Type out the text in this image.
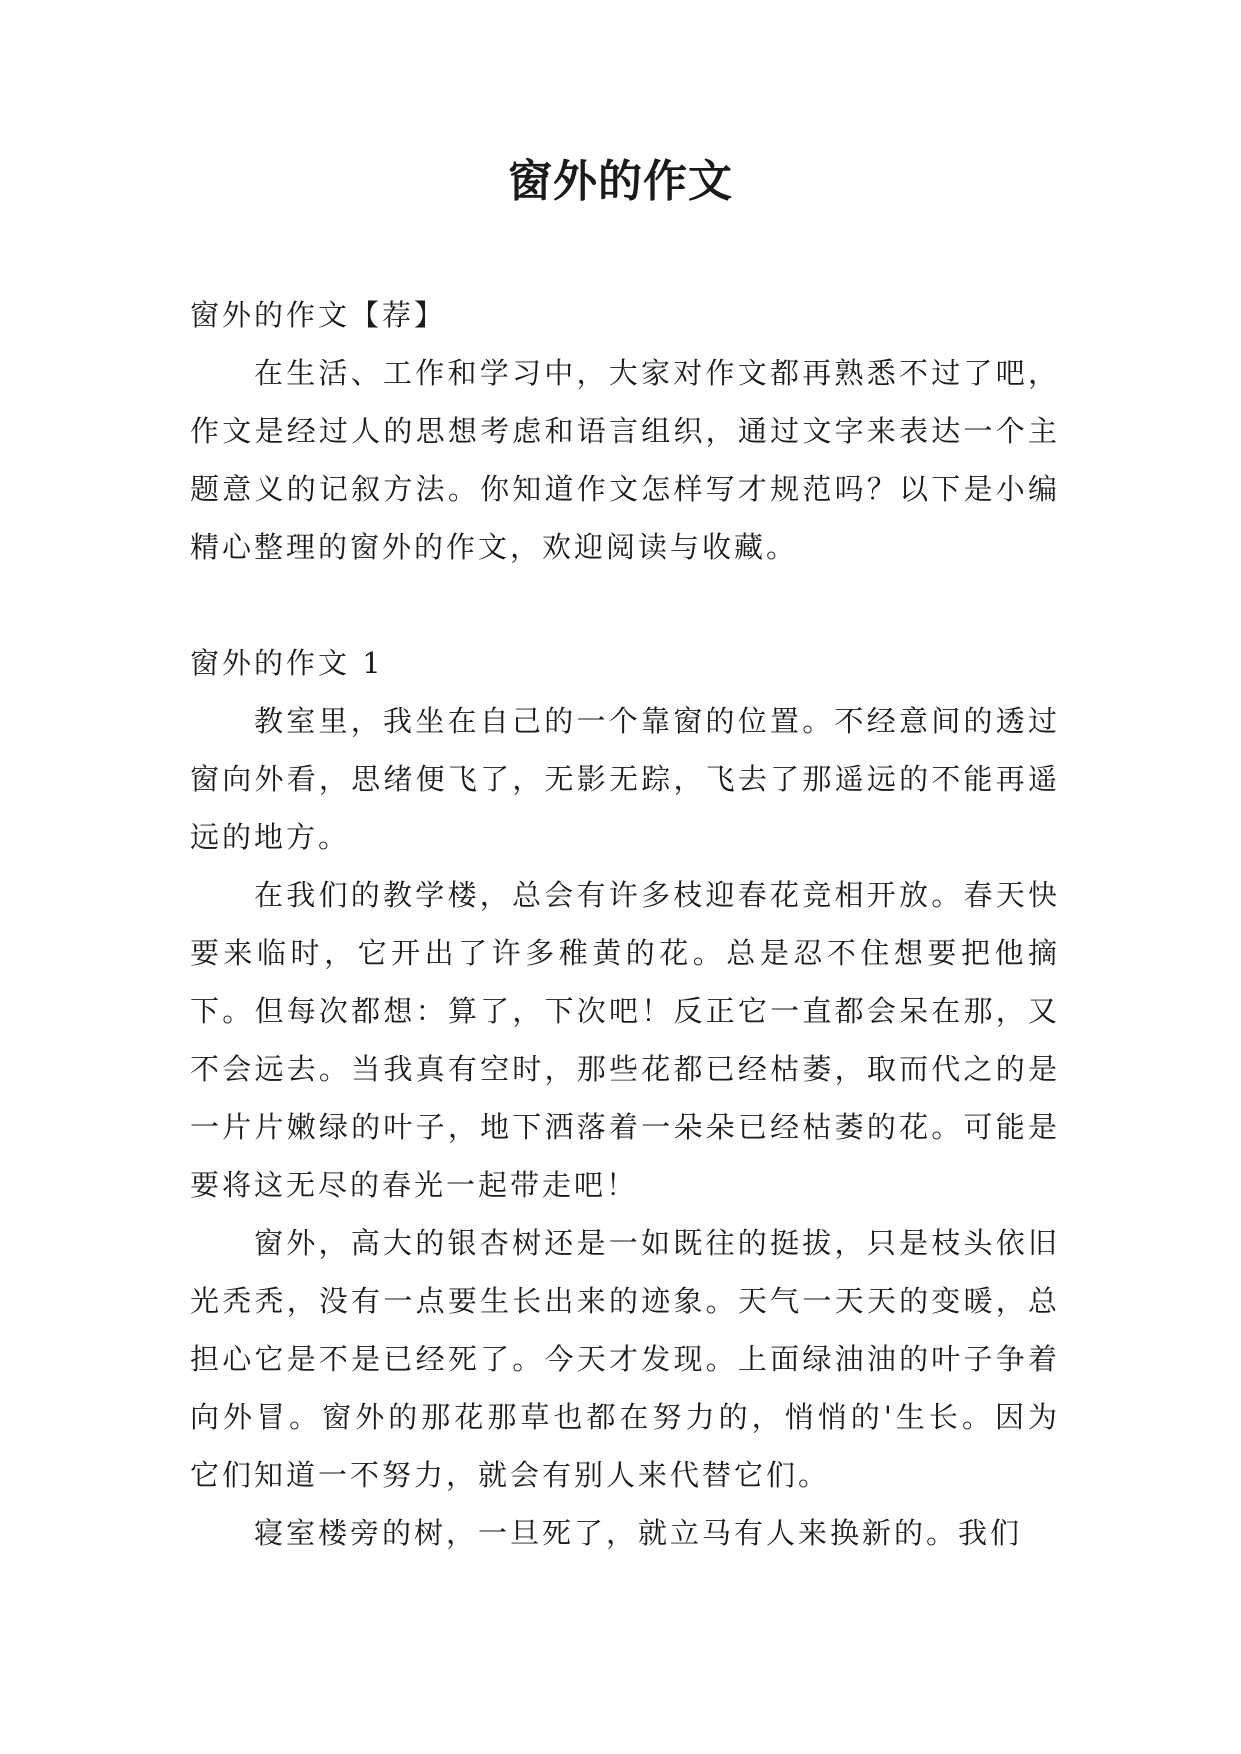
窗外的作文

窗外的作文【荐】

在生活、工作和学习中，大家对作文都再熟悉不过了吧，作文是经过人的思想考虑和语言组织，通过文字来表达一个主题意义的记叙方法。你知道作文怎样写才规范吗？以下是小编精心整理的窗外的作文，欢迎阅读与收藏。

窗外的作文 1

教室里，我坐在自己的一个靠窗的位置。不经意间的透过窗向外看，思绪便飞了，无影无踪，飞去了那遥远的不能再遥远的地方。

在我们的教学楼，总会有许多枝迎春花竞相开放。春天快要来临时，它开出了许多稚黄的花。总是忍不住想要把他摘下。但每次都想：算了，下次吧！反正它一直都会呆在那，又不会远去。当我真有空时，那些花都已经枯萎，取而代之的是一片片嫩绿的叶子，地下洒落着一朵朵已经枯萎的花。可能是要将这无尽的春光一起带走吧！

窗外，高大的银杏树还是一如既往的挺拔，只是枝头依旧光秃秃，没有一点要生长出来的迹象。天气一天天的变暖，总担心它是不是已经死了。今天才发现。上面绿油油的叶子争着向外冒。窗外的那花那草也都在努力的，悄悄的'生长。因为它们知道一不努力，就会有别人来代替它们。

寝室楼旁的树，一旦死了，就立马有人来换新的。我们
